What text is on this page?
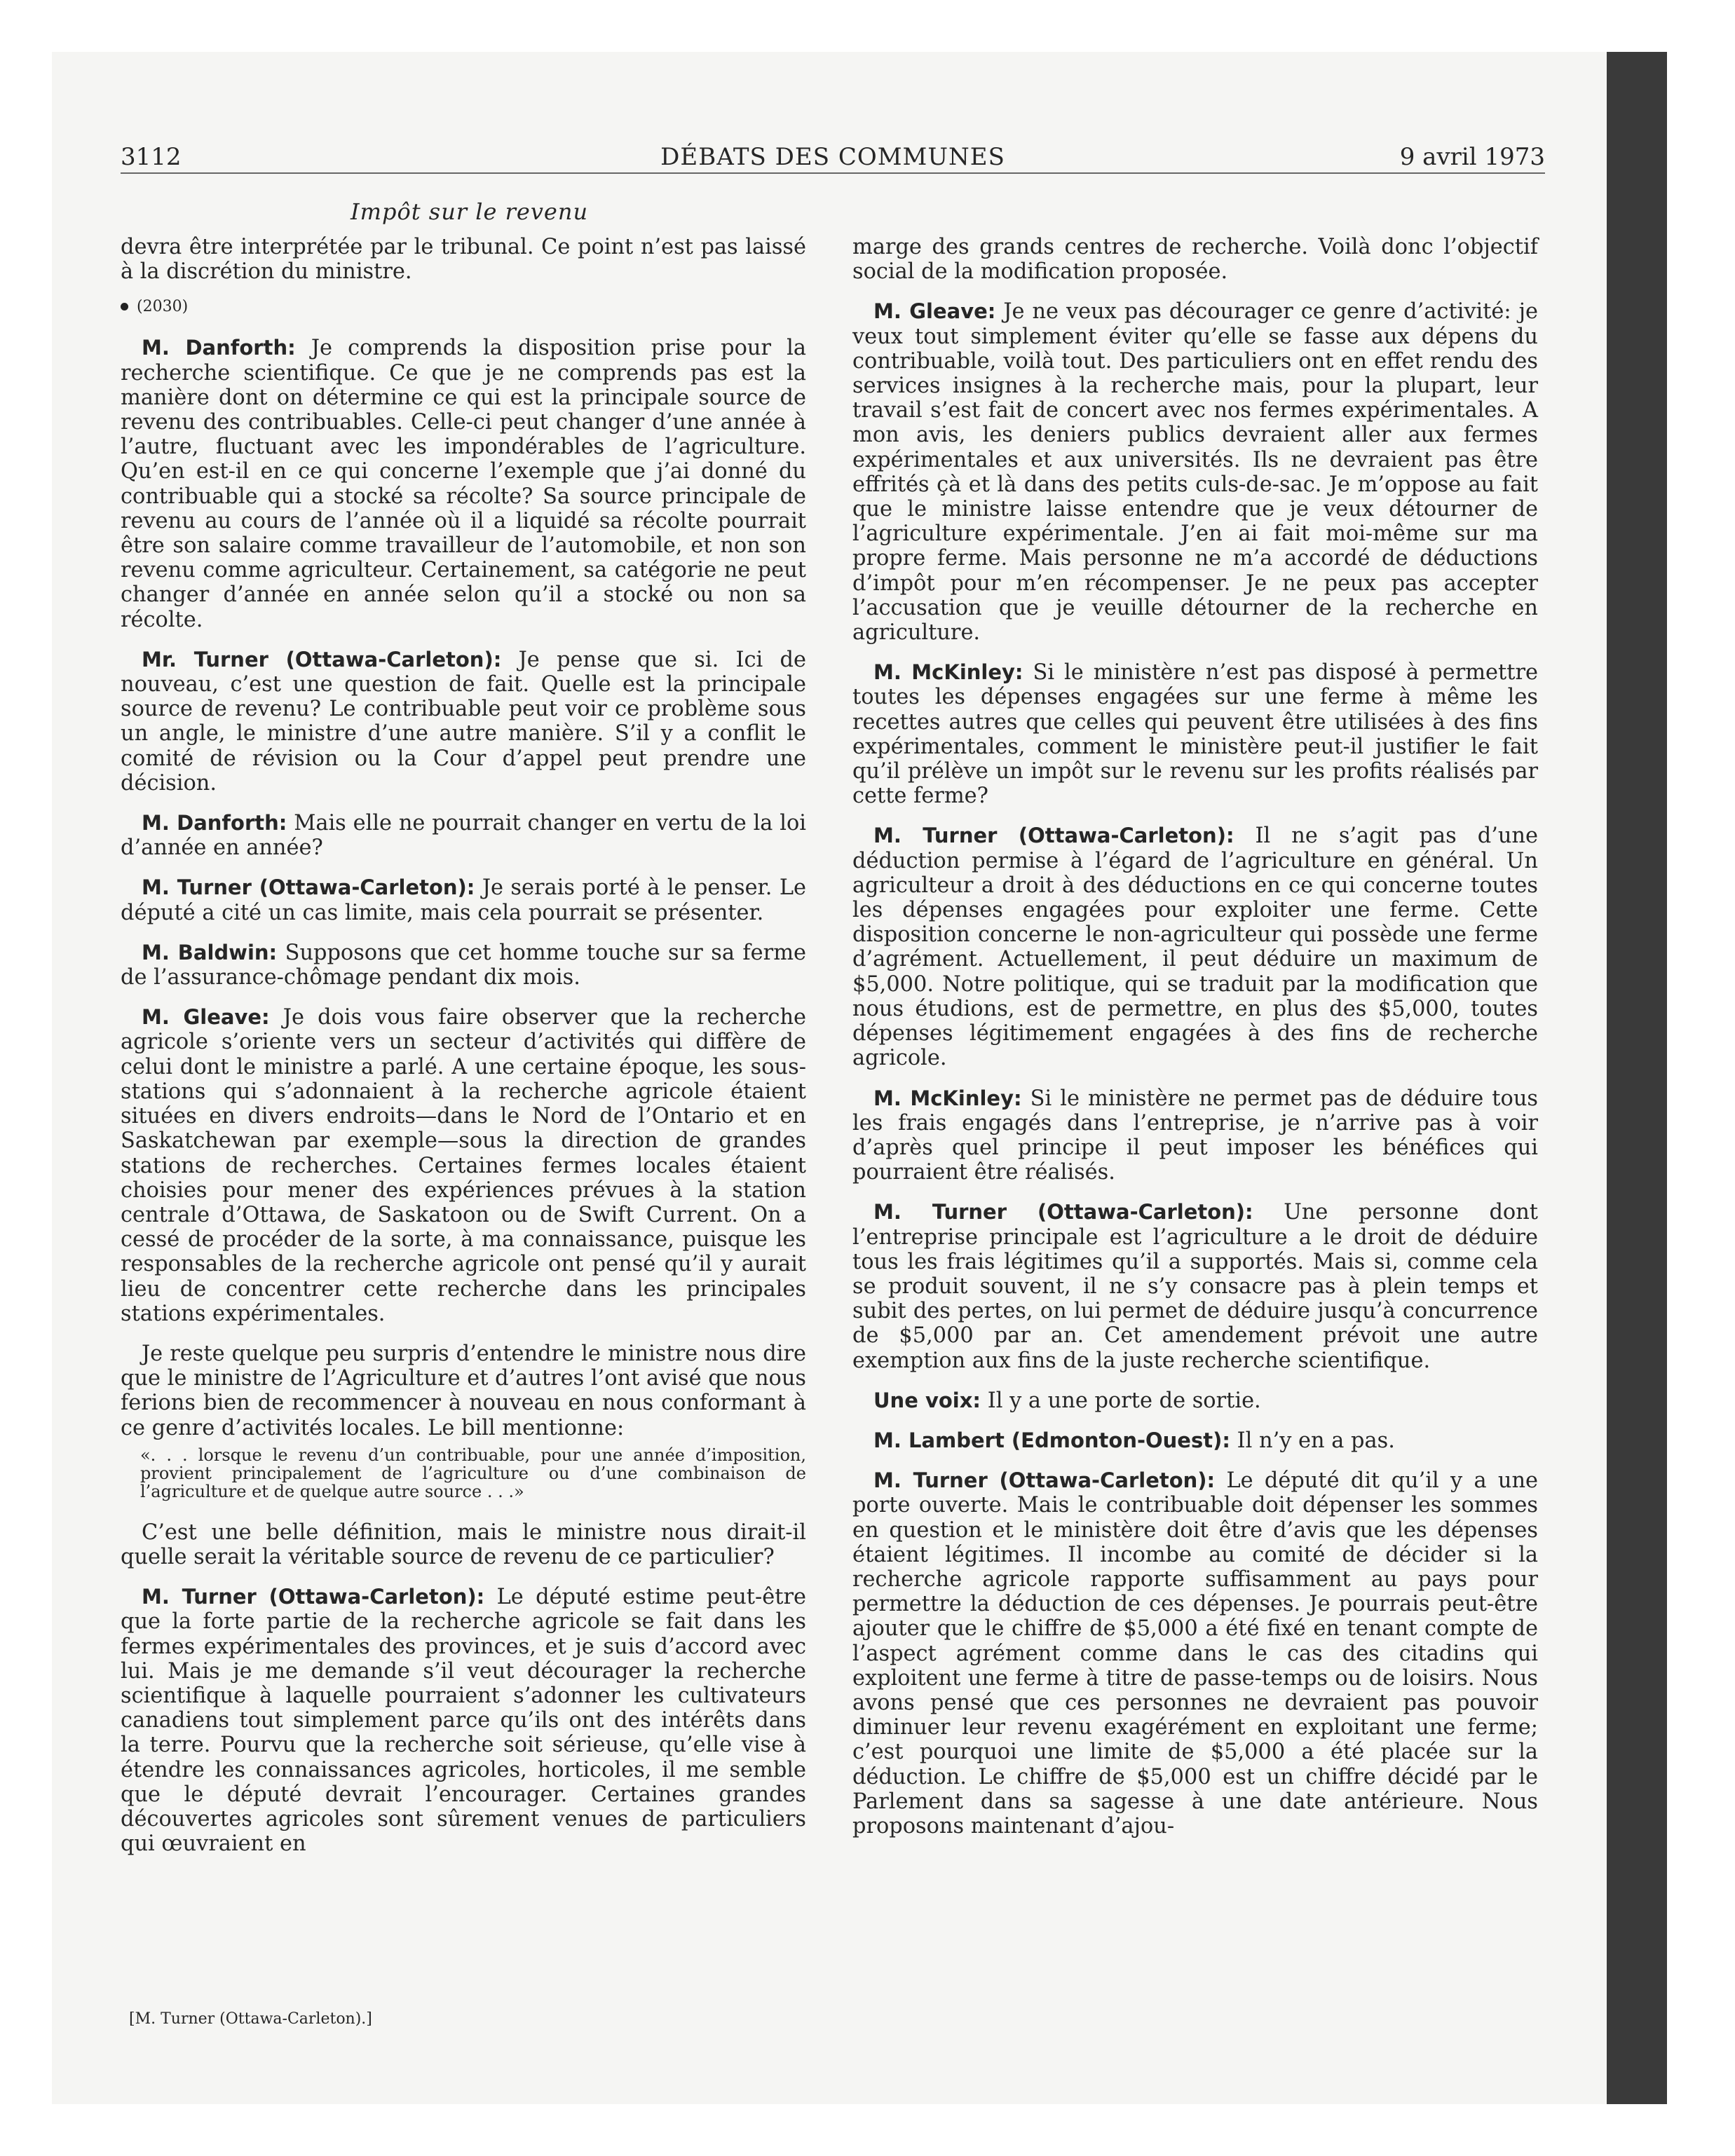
3112	DÉBATS DES COMMUNES	9 avril 1973
Impôt sur le revenu

devra être interprétée par le tribunal. Ce point n’est pas laissé à la discrétion du ministre.

(2030)

M. Danforth: Je comprends la disposition prise pour la recherche scientifique. Ce que je ne comprends pas est la manière dont on détermine ce qui est la principale source de revenu des contribuables. Celle-ci peut changer d’une année à l’autre, fluctuant avec les impondérables de l’agriculture. Qu’en est-il en ce qui concerne l’exemple que j’ai donné du contribuable qui a stocké sa récolte? Sa source principale de revenu au cours de l’année où il a liquidé sa récolte pourrait être son salaire comme travailleur de l’automobile, et non son revenu comme agriculteur. Certainement, sa catégorie ne peut changer d’année en année selon qu’il a stocké ou non sa récolte.

Mr. Turner (Ottawa-Carleton): Je pense que si. Ici de nouveau, c’est une question de fait. Quelle est la principale source de revenu? Le contribuable peut voir ce problème sous un angle, le ministre d’une autre manière. S’il y a conflit le comité de révision ou la Cour d’appel peut prendre une décision.

M. Danforth: Mais elle ne pourrait changer en vertu de la loi d’année en année?

M. Turner (Ottawa-Carleton): Je serais porté à le penser. Le député a cité un cas limite, mais cela pourrait se présenter.

M. Baldwin: Supposons que cet homme touche sur sa ferme de l’assurance-chômage pendant dix mois.

M. Gleave: Je dois vous faire observer que la recherche agricole s’oriente vers un secteur d’activités qui diffère de celui dont le ministre a parlé. A une certaine époque, les sous-stations qui s’adonnaient à la recherche agricole étaient situées en divers endroits—dans le Nord de l’Ontario et en Saskatchewan par exemple—sous la direction de grandes stations de recherches. Certaines fermes locales étaient choisies pour mener des expériences prévues à la station centrale d’Ottawa, de Saskatoon ou de Swift Current. On a cessé de procéder de la sorte, à ma connaissance, puisque les responsables de la recherche agricole ont pensé qu’il y aurait lieu de concentrer cette recherche dans les principales stations expérimentales.

Je reste quelque peu surpris d’entendre le ministre nous dire que le ministre de l’Agriculture et d’autres l’ont avisé que nous ferions bien de recommencer à nouveau en nous conformant à ce genre d’activités locales. Le bill mentionne:

«. . . lorsque le revenu d’un contribuable, pour une année d’imposition, provient principalement de l’agriculture ou d’une combinaison de l’agriculture et de quelque autre source . . .»

C’est une belle définition, mais le ministre nous dirait-il quelle serait la véritable source de revenu de ce particulier?

M. Turner (Ottawa-Carleton): Le député estime peut-être que la forte partie de la recherche agricole se fait dans les fermes expérimentales des provinces, et je suis d’accord avec lui. Mais je me demande s’il veut décourager la recherche scientifique à laquelle pourraient s’adonner les cultivateurs canadiens tout simplement parce qu’ils ont des intérêts dans la terre. Pourvu que la recherche soit sérieuse, qu’elle vise à étendre les connaissances agricoles, horticoles, il me semble que le député devrait l’encourager. Certaines grandes découvertes agricoles sont sûrement venues de particuliers qui œuvraient en

marge des grands centres de recherche. Voilà donc l’objectif social de la modification proposée.

M. Gleave: Je ne veux pas décourager ce genre d’activité: je veux tout simplement éviter qu’elle se fasse aux dépens du contribuable, voilà tout. Des particuliers ont en effet rendu des services insignes à la recherche mais, pour la plupart, leur travail s’est fait de concert avec nos fermes expérimentales. A mon avis, les deniers publics devraient aller aux fermes expérimentales et aux universités. Ils ne devraient pas être effrités çà et là dans des petits culs-de-sac. Je m’oppose au fait que le ministre laisse entendre que je veux détourner de l’agriculture expérimentale. J’en ai fait moi-même sur ma propre ferme. Mais personne ne m’a accordé de déductions d’impôt pour m’en récompenser. Je ne peux pas accepter l’accusation que je veuille détourner de la recherche en agriculture.

M. McKinley: Si le ministère n’est pas disposé à permettre toutes les dépenses engagées sur une ferme à même les recettes autres que celles qui peuvent être utilisées à des fins expérimentales, comment le ministère peut-il justifier le fait qu’il prélève un impôt sur le revenu sur les profits réalisés par cette ferme?

M. Turner (Ottawa-Carleton): Il ne s’agit pas d’une déduction permise à l’égard de l’agriculture en général. Un agriculteur a droit à des déductions en ce qui concerne toutes les dépenses engagées pour exploiter une ferme. Cette disposition concerne le non-agriculteur qui possède une ferme d’agrément. Actuellement, il peut déduire un maximum de $5,000. Notre politique, qui se traduit par la modification que nous étudions, est de permettre, en plus des $5,000, toutes dépenses légitimement engagées à des fins de recherche agricole.

M. McKinley: Si le ministère ne permet pas de déduire tous les frais engagés dans l’entreprise, je n’arrive pas à voir d’après quel principe il peut imposer les bénéfices qui pourraient être réalisés.

M. Turner (Ottawa-Carleton): Une personne dont l’entreprise principale est l’agriculture a le droit de déduire tous les frais légitimes qu’il a supportés. Mais si, comme cela se produit souvent, il ne s’y consacre pas à plein temps et subit des pertes, on lui permet de déduire jusqu’à concurrence de $5,000 par an. Cet amendement prévoit une autre exemption aux fins de la juste recherche scientifique.

Une voix: Il y a une porte de sortie.

M. Lambert (Edmonton-Ouest): Il n’y en a pas.

M. Turner (Ottawa-Carleton): Le député dit qu’il y a une porte ouverte. Mais le contribuable doit dépenser les sommes en question et le ministère doit être d’avis que les dépenses étaient légitimes. Il incombe au comité de décider si la recherche agricole rapporte suffisamment au pays pour permettre la déduction de ces dépenses. Je pourrais peut-être ajouter que le chiffre de $5,000 a été fixé en tenant compte de l’aspect agrément comme dans le cas des citadins qui exploitent une ferme à titre de passe-temps ou de loisirs. Nous avons pensé que ces personnes ne devraient pas pouvoir diminuer leur revenu exagérément en exploitant une ferme; c’est pourquoi une limite de $5,000 a été placée sur la déduction. Le chiffre de $5,000 est un chiffre décidé par le Parlement dans sa sagesse à une date antérieure. Nous proposons maintenant d’ajou-

[M. Turner (Ottawa-Carleton).]
